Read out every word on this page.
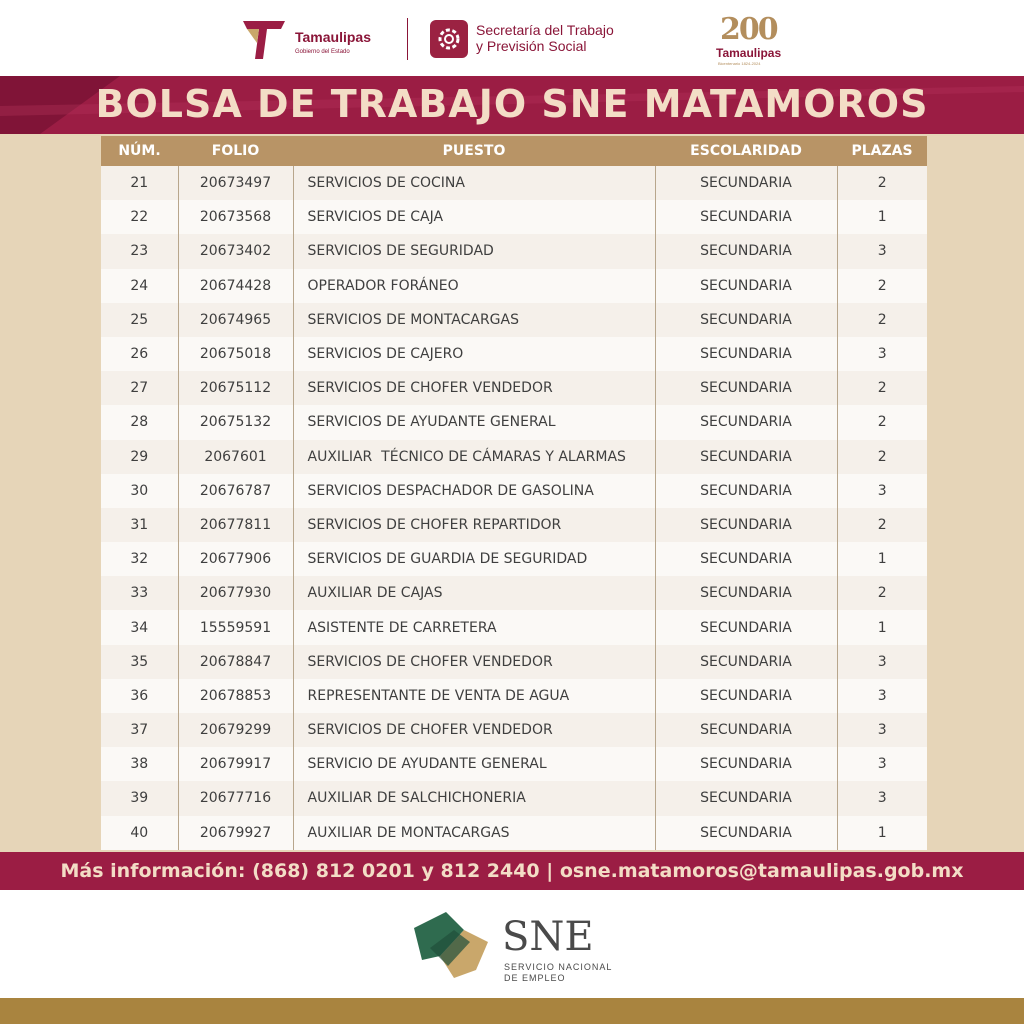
Tamaulipas
Gobierno del Estado
Secretaría del Trabajo
y Previsión Social	200
Tamaulipas
Bicentenario 1824-2024
BOLSA DE TRABAJO SNE MATAMOROS
NÚM.	FOLIO	PUESTO	ESCOLARIDAD	PLAZAS
21	20673497	SERVICIOS DE COCINA	SECUNDARIA	2
22	20673568	SERVICIOS DE CAJA	SECUNDARIA	1
23	20673402	SERVICIOS DE SEGURIDAD	SECUNDARIA	3
24	20674428	OPERADOR FORÁNEO	SECUNDARIA	2
25	20674965	SERVICIOS DE MONTACARGAS	SECUNDARIA	2
26	20675018	SERVICIOS DE CAJERO	SECUNDARIA	3
27	20675112	SERVICIOS DE CHOFER VENDEDOR	SECUNDARIA	2
28	20675132	SERVICIOS DE AYUDANTE GENERAL	SECUNDARIA	2
29	2067601	AUXILIAR  TÉCNICO DE CÁMARAS Y ALARMAS	SECUNDARIA	2
30	20676787	SERVICIOS DESPACHADOR DE GASOLINA	SECUNDARIA	3
31	20677811	SERVICIOS DE CHOFER REPARTIDOR	SECUNDARIA	2
32	20677906	SERVICIOS DE GUARDIA DE SEGURIDAD	SECUNDARIA	1
33	20677930	AUXILIAR DE CAJAS	SECUNDARIA	2
34	15559591	ASISTENTE DE CARRETERA	SECUNDARIA	1
35	20678847	SERVICIOS DE CHOFER VENDEDOR	SECUNDARIA	3
36	20678853	REPRESENTANTE DE VENTA DE AGUA	SECUNDARIA	3
37	20679299	SERVICIOS DE CHOFER VENDEDOR	SECUNDARIA	3
38	20679917	SERVICIO DE AYUDANTE GENERAL	SECUNDARIA	3
39	20677716	AUXILIAR DE SALCHICHONERIA	SECUNDARIA	3
40	20679927	AUXILIAR DE MONTACARGAS	SECUNDARIA	1
Más información: (868) 812 0201 y 812 2440 | osne.matamoros@tamaulipas.gob.mx
SNE
SERVICIO NACIONAL
DE EMPLEO
